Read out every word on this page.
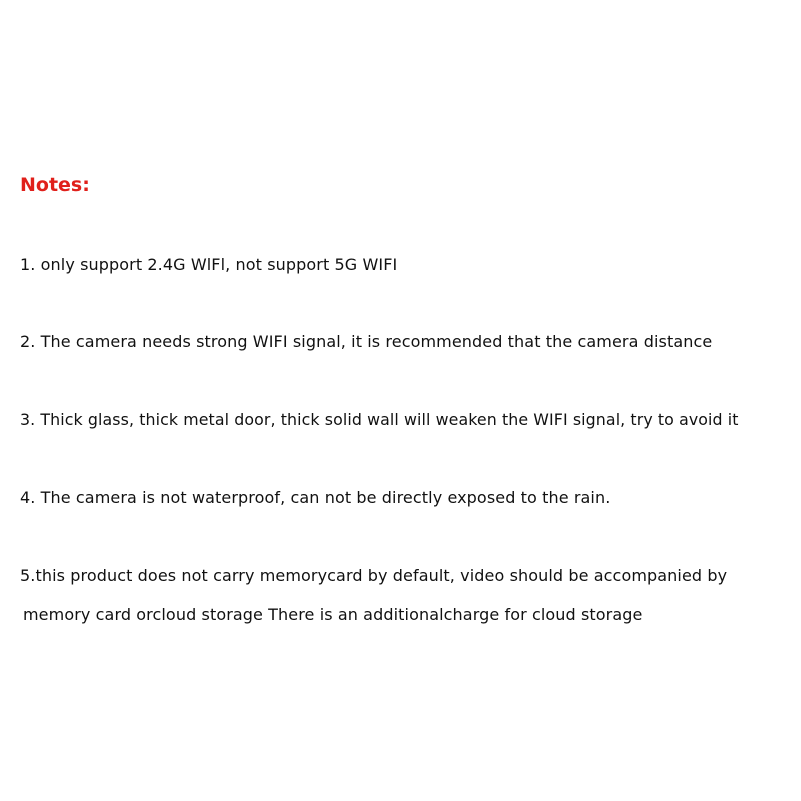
Notes:
1. only support 2.4G WlFl, not support 5G WIFI
2. The camera needs strong WIFI signal, it is recommended that the camera distance
3. Thick glass, thick metal door, thick solid wall will weaken the WIFI signal, try to avoid it
4. The camera is not waterproof, can not be directly exposed to the rain.
5.this product does not carry memorycard by default, video should be accompanied by
memory card orcloud storage There is an additionalcharge for cloud storage
